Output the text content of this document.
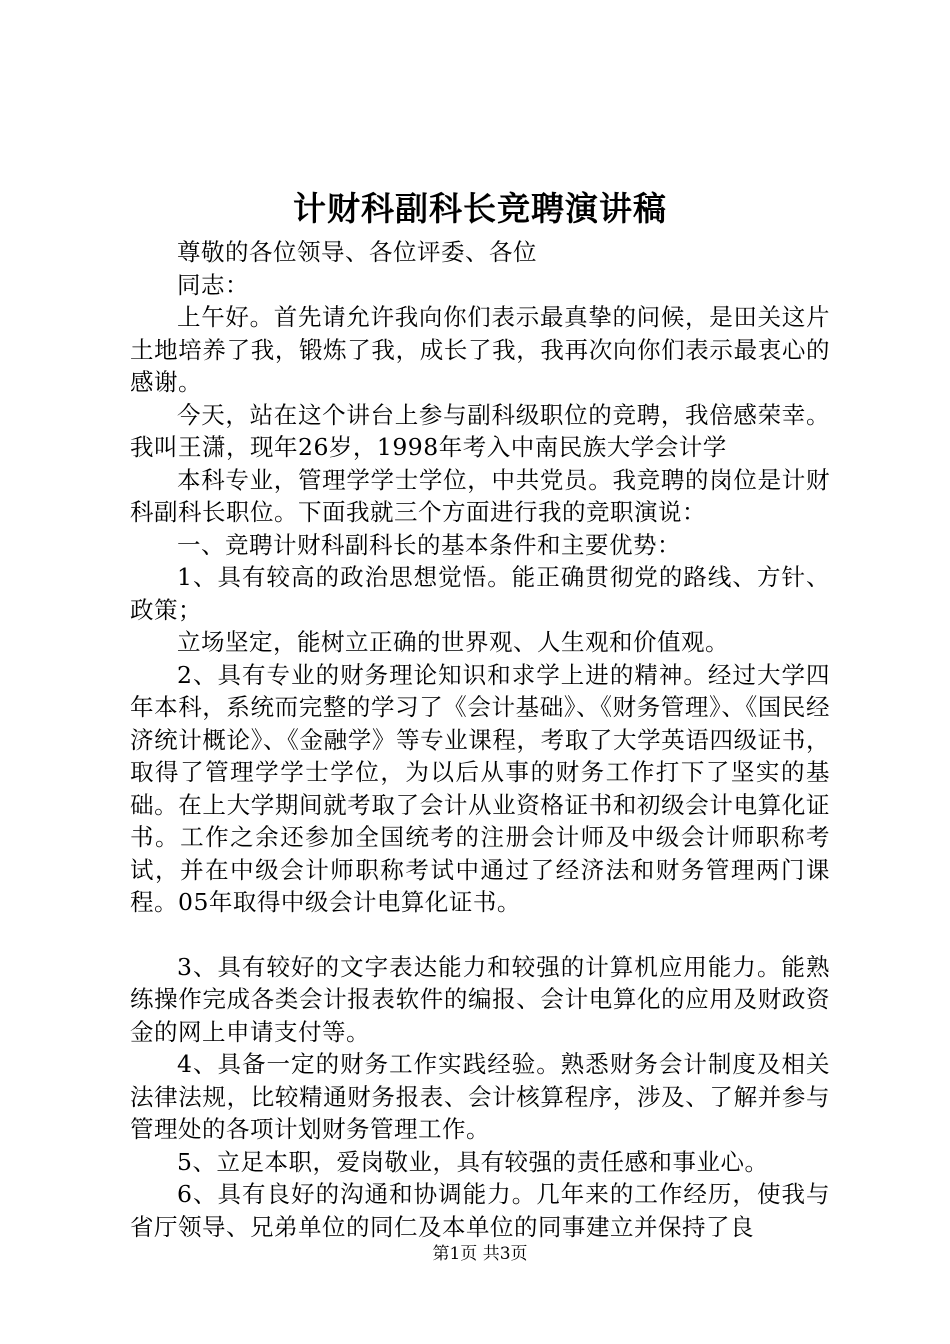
计财科副科长竞聘演讲稿

尊敬的各位领导、各位评委、各位

同志：

上午好。首先请允许我向你们表示最真挚的问候，是田关这片土地培养了我，锻炼了我，成长了我，我再次向你们表示最衷心的感谢。

今天，站在这个讲台上参与副科级职位的竞聘，我倍感荣幸。我叫王潇，现年26岁，1998年考入中南民族大学会计学

本科专业，管理学学士学位，中共党员。我竞聘的岗位是计财科副科长职位。下面我就三个方面进行我的竞职演说：

一、竞聘计财科副科长的基本条件和主要优势：

1、具有较高的政治思想觉悟。能正确贯彻党的路线、方针、政策；

立场坚定，能树立正确的世界观、人生观和价值观。

2、具有专业的财务理论知识和求学上进的精神。经过大学四年本科，系统而完整的学习了《会计基础》、《财务管理》、《国民经济统计概论》、《金融学》等专业课程，考取了大学英语四级证书，取得了管理学学士学位，为以后从事的财务工作打下了坚实的基础。在上大学期间就考取了会计从业资格证书和初级会计电算化证书。工作之余还参加全国统考的注册会计师及中级会计师职称考试，并在中级会计师职称考试中通过了经济法和财务管理两门课程。05年取得中级会计电算化证书。

3、具有较好的文字表达能力和较强的计算机应用能力。能熟练操作完成各类会计报表软件的编报、会计电算化的应用及财政资金的网上申请支付等。

4、具备一定的财务工作实践经验。熟悉财务会计制度及相关法律法规，比较精通财务报表、会计核算程序，涉及、了解并参与管理处的各项计划财务管理工作。

5、立足本职，爱岗敬业，具有较强的责任感和事业心。

6、具有良好的沟通和协调能力。几年来的工作经历，使我与省厅领导、兄弟单位的同仁及本单位的同事建立并保持了良

第1页 共3页
